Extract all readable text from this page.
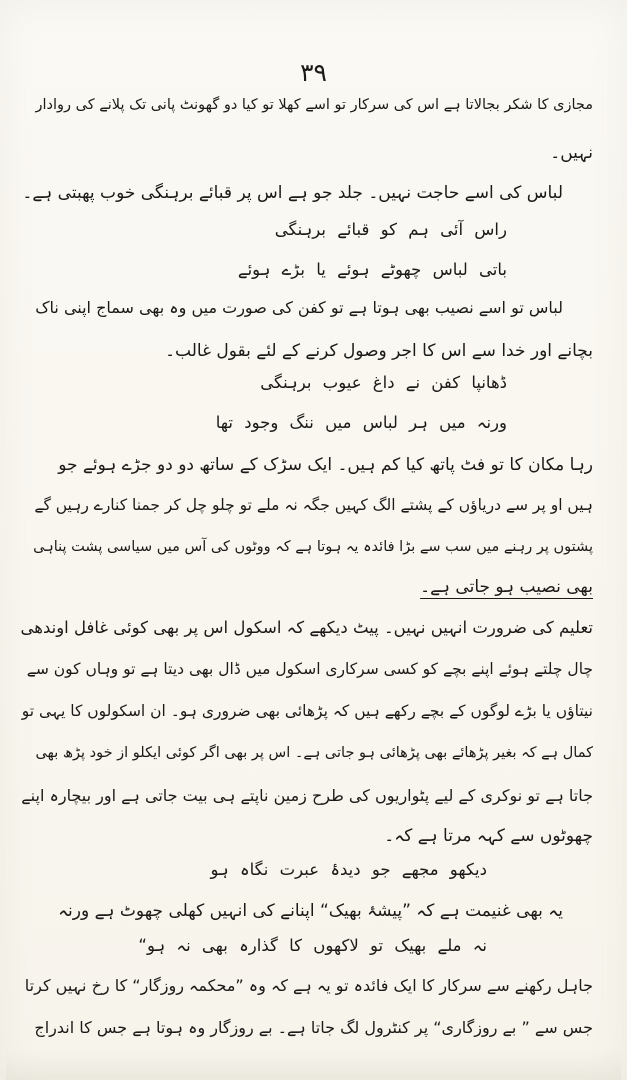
۳۹
مجازی کا شکر بجالاتا ہے اس کی سرکار تو اسے کھلا تو کیا دو گھونٹ پانی تک پلانے کی روادار
نہیں۔
لباس کی اسے حاجت نہیں۔ جلد جو ہے اس پر قبائے برہنگی خوب پھبتی ہے۔
راس آئی ہم کو قبائے برہنگی
باتی لباس چھوٹے ہوئے یا بڑے ہوئے
لباس تو اسے نصیب بھی ہوتا ہے تو کفن کی صورت میں وہ بھی سماج اپنی ناک
بچانے اور خدا سے اس کا اجر وصول کرنے کے لئے بقول غالب۔
ڈھانپا کفن نے داغ عیوب برہنگی
ورنہ میں ہر لباس میں ننگ وجود تھا
رہا مکان کا تو فٹ پاتھ کیا کم ہیں۔ ایک سڑک کے ساتھ دو دو جڑے ہوئے جو
ہیں او پر سے دریاؤں کے پشتے الگ کہیں جگہ نہ ملے تو چلو چل کر جمنا کنارے رہیں گے
پشتوں پر رہنے میں سب سے بڑا فائدہ یہ ہوتا ہے کہ ووٹوں کی آس میں سیاسی پشت پناہی
بھی نصیب ہو جاتی ہے۔
تعلیم کی ضرورت انہیں نہیں۔ پیٹ دیکھے کہ اسکول اس پر بھی کوئی غافل اوندھی
چال چلتے ہوئے اپنے بچے کو کسی سرکاری اسکول میں ڈال بھی دیتا ہے تو وہاں کون سے
نیتاؤں یا بڑے لوگوں کے بچے رکھے ہیں کہ پڑھائی بھی ضروری ہو۔ ان اسکولوں کا یہی تو
کمال ہے کہ بغیر پڑھائے بھی پڑھائی ہو جاتی ہے۔ اس پر بھی اگر کوئی ایکلو از خود پڑھ بھی
جاتا ہے تو نوکری کے لیے پٹواریوں کی طرح زمین ناپتے ہی بیت جاتی ہے اور بیچارہ اپنے
چھوٹوں سے کہہ مرتا ہے کہ۔
دیکھو مجھے جو دیدۂ عبرت نگاہ ہو
یہ بھی غنیمت ہے کہ ”پیشۂ بھیک“ اپنانے کی انہیں کھلی چھوٹ ہے ورنہ
نہ ملے بھیک تو لاکھوں کا گذارہ بھی نہ ہو“
جاہل رکھنے سے سرکار کا ایک فائدہ تو یہ ہے کہ وہ ”محکمہ روزگار“ کا رخ نہیں کرتا
جس سے ” بے روزگاری“ پر کنٹرول لگ جاتا ہے۔ بے روزگار وہ ہوتا ہے جس کا اندراج
